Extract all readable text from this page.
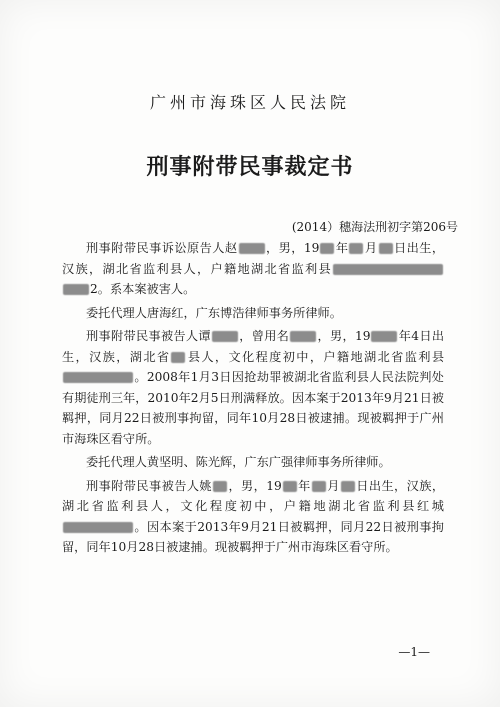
广州市海珠区人民法院
刑事附带民事裁定书
(2014）穗海法刑初字第206号

刑事附带民事诉讼原告人赵 ，男，19 年 月 日出生，汉族，湖北省监利县人，户籍地湖北省监利县2。系本案被害人。

委托代理人唐海红，广东博浩律师事务所律师。

刑事附带民事被告人谭 ，曾用名 ，男，19 年4日出生，汉族，湖北省 县人，文化程度初中，户籍地湖北省监利县。2008年1月3日因抢劫罪被湖北省监利县人民法院判处有期徒刑三年，2010年2月5日刑满释放。因本案于2013年9月21日被羁押，同月22日被刑事拘留，同年10月28日被逮捕。现被羁押于广州市海珠区看守所。

委托代理人黄坚明、陈光辉，广东广强律师事务所律师。

刑事附带民事被告人姚 ，男，19 年 月 日出生，汉族，湖北省监利县人，文化程度初中，户籍地湖北省监利县红城。因本案于2013年9月21日被羁押，同月22日被刑事拘留，同年10月28日被逮捕。现被羁押于广州市海珠区看守所。

—1—
